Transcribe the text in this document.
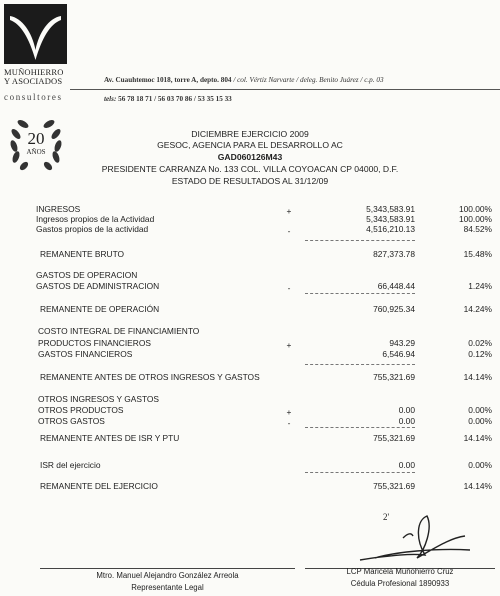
MUÑOHIERRO
Y ASOCIADOS
consultores
Av. Cuauhtemoc 1018, torre A, depto. 804 / col. Vértiz Narvarte / deleg. Benito Juárez / c.p. 03
tels: 56 78 18 71 / 56 03 70 86 / 53 35 15 33
20
AÑOS
DICIEMBRE EJERCICIO 2009
GESOC, AGENCIA PARA EL DESARROLLO AC
GAD060126M43
PRESIDENTE CARRANZA No. 133 COL. VILLA COYOACAN CP 04000, D.F.
ESTADO DE RESULTADOS AL 31/12/09
INGRESOS	+	5,343,583.91	100.00%
Ingresos propios de la Actividad	5,343,583.91	100.00%
Gastos propios de la actividad	-	4,516,210.13	84.52%
REMANENTE BRUTO	827,373.78	15.48%
GASTOS DE OPERACION
GASTOS DE ADMINISTRACION	-	66,448.44	1.24%
REMANENTE DE OPERACIÓN	760,925.34	14.24%
COSTO INTEGRAL DE FINANCIAMIENTO
PRODUCTOS FINANCIEROS	+	943.29	0.02%
GASTOS FINANCIEROS	6,546.94	0.12%
REMANENTE ANTES DE OTROS INGRESOS Y GASTOS	755,321.69	14.14%
OTROS INGRESOS Y GASTOS
OTROS PRODUCTOS	+	0.00	0.00%
OTROS GASTOS	-	0.00	0.00%
REMANENTE ANTES DE ISR Y PTU	755,321.69	14.14%
ISR del ejercicio	0.00	0.00%
REMANENTE DEL EJERCICIO	755,321.69	14.14%
2'
Mtro. Manuel Alejandro González Arreola
Representante Legal
LCP Maricela Muñohierro Cruz
Cédula Profesional 1890933
